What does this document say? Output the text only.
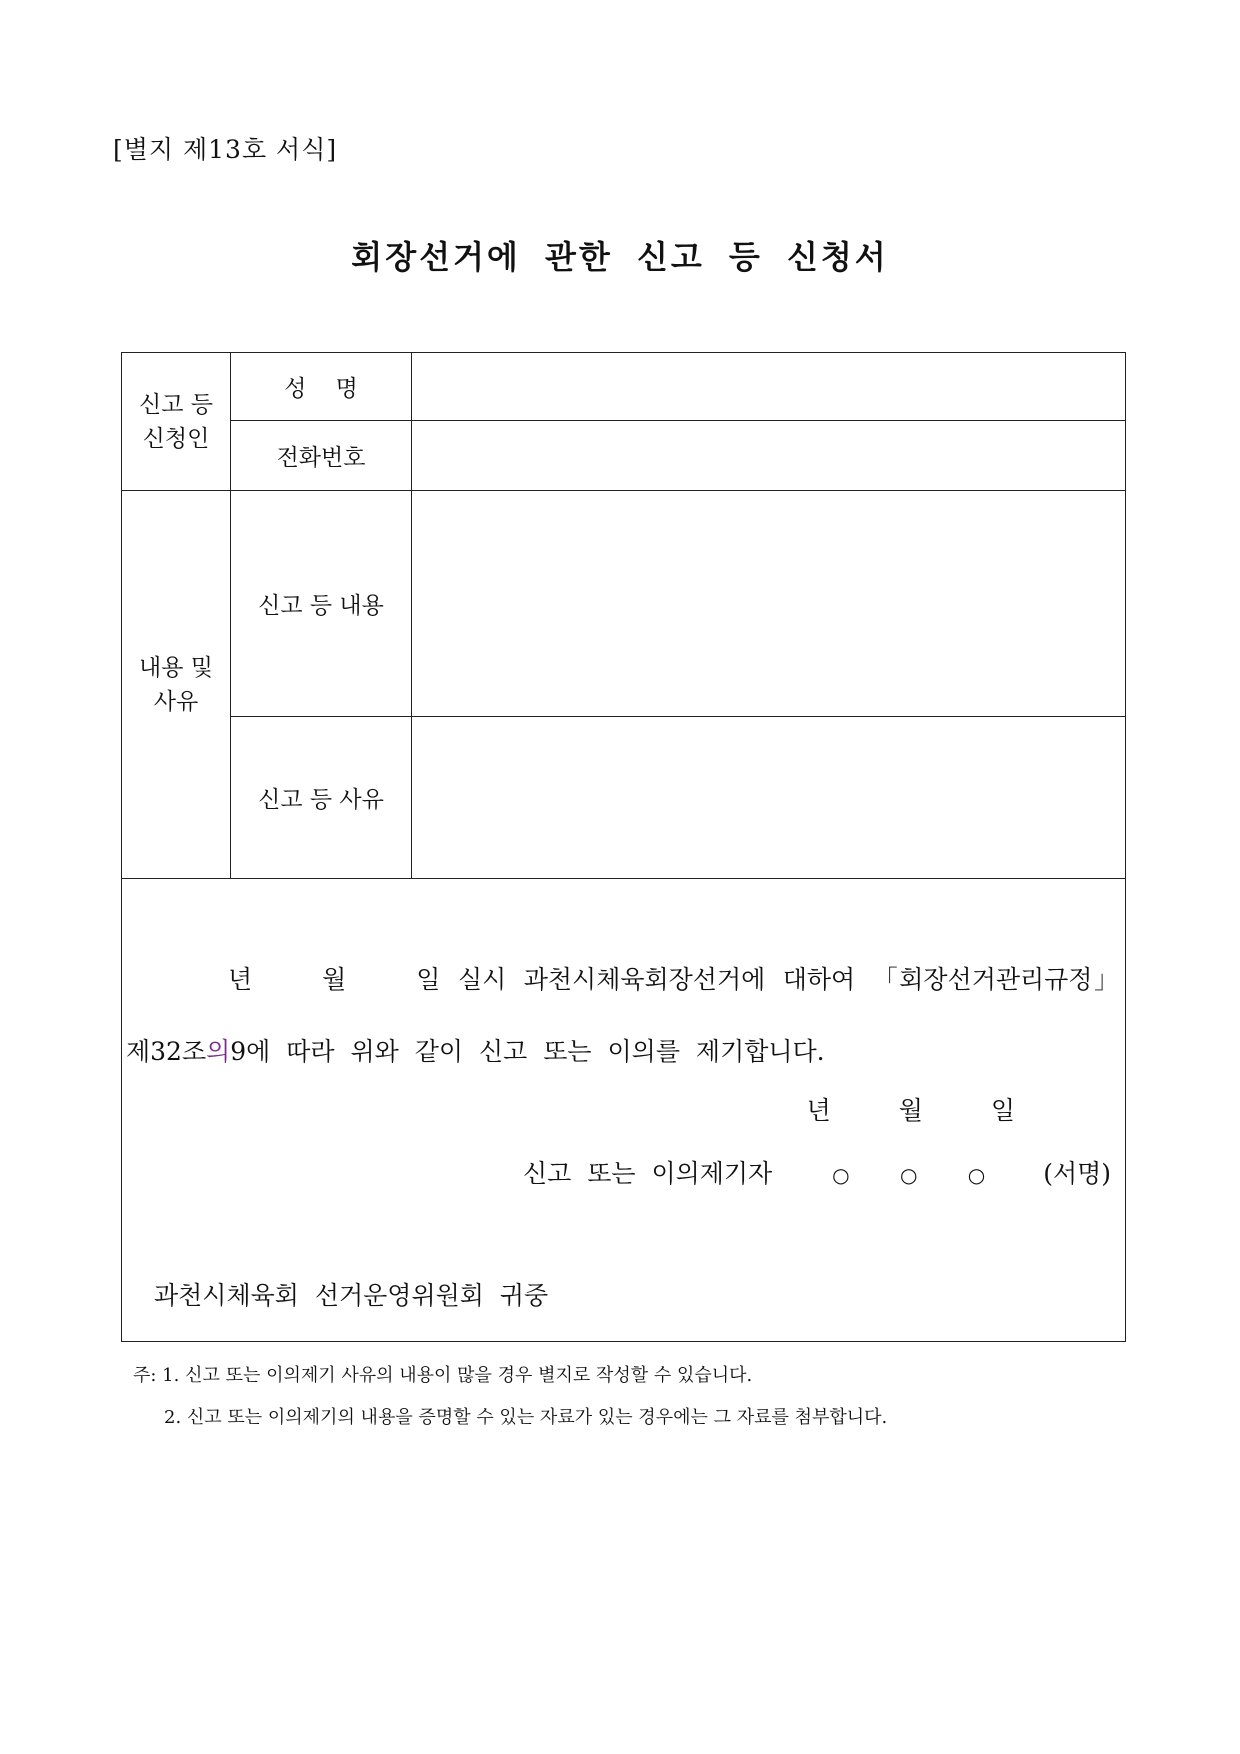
[별지 제13호 서식]

회장선거에 관한 신고 등 신청서
신고 등
신청인	성    명	
	전화번호	

내용 및
사유	신고 등 내용	
	신고 등 사유	

년    월    일 실시 과천시체육회장선거에 대하여 「회장선거관리규정」 제32조의9에 따라 위와 같이 신고 또는 이의를 제기합니다.
년 월 일
신고 또는 이의제기자 ○ ○ ○ (서명)
과천시체육회 선거운영위원회 귀중		
주: 1. 신고 또는 이의제기 사유의 내용이 많을 경우 별지로 작성할 수 있습니다.
2. 신고 또는 이의제기의 내용을 증명할 수 있는 자료가 있는 경우에는 그 자료를 첨부합니다.
